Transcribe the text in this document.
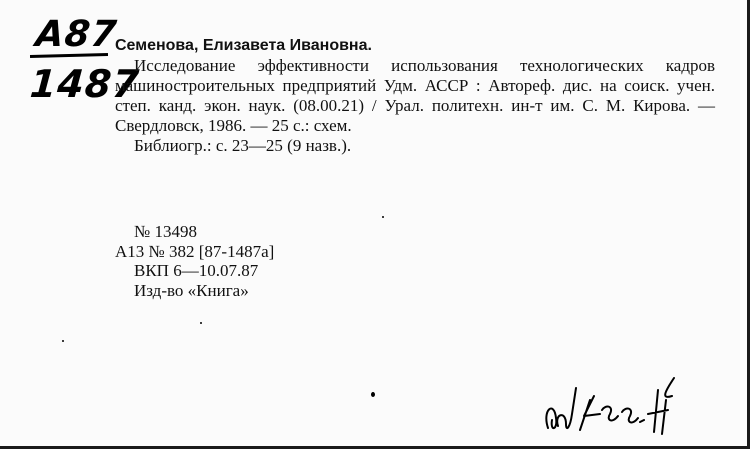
А87
1487
Семенова, Елизавета Ивановна.
Исследование эффективности использования технологических кадров машиностроительных предприятий Удм. АССР : Автореф. дис. на соиск. учен. степ. канд. экон. наук. (08.00.21) / Урал. политехн. ин-т им. С. М. Кирова. — Свердловск, 1986. — 25 с.: схем.
Библиогр.: с. 23—25 (9 назв.).
№ 13498
А13 № 382 [87-1487а]
ВКП 6—10.07.87
Изд-во «Книга»
